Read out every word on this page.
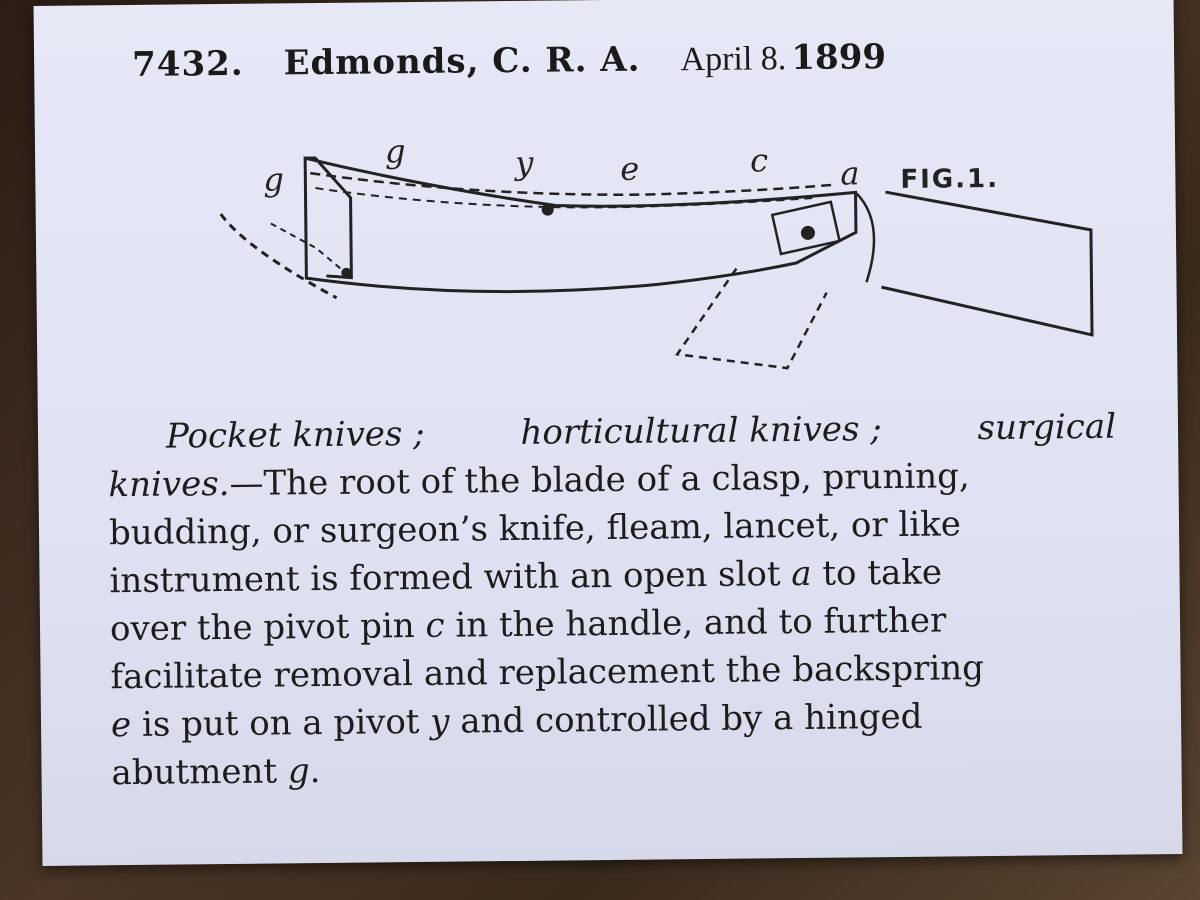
7432. Edmonds, C. R. A. April 8. 1899
g
g	y	e	c a FIG.1.
Pocket knives ;	horticultural knives ;	surgical
knives.—The root of the blade of a clasp, pruning,
budding, or surgeon’s knife, fleam, lancet, or like
instrument is formed with an open slot a to take
over the pivot pin c in the handle, and to further
facilitate removal and replacement the backspring
e is put on a pivot y and controlled by a hinged
abutment g.
